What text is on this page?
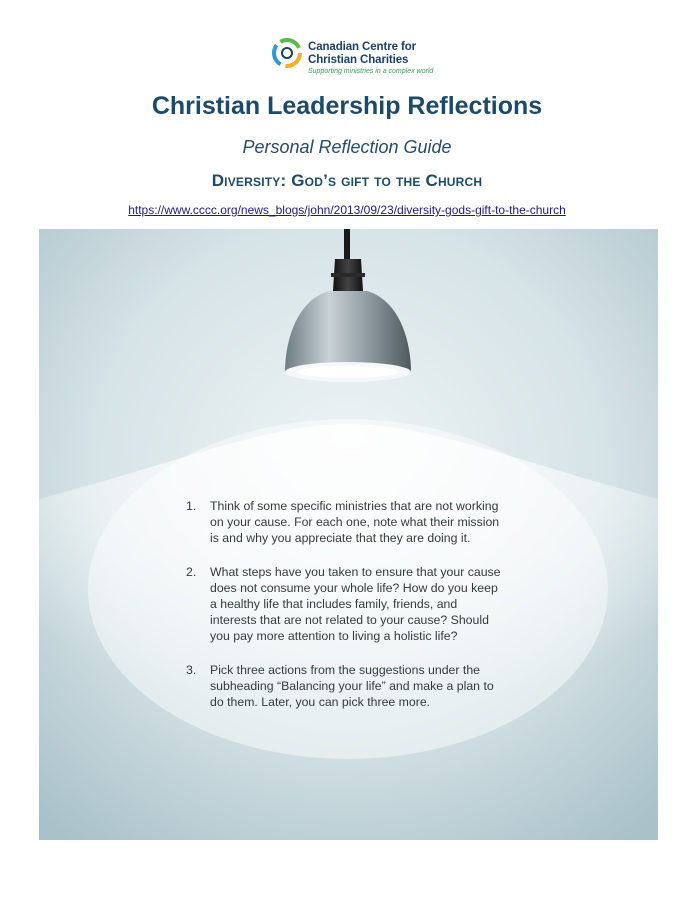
Canadian Centre for
Christian Charities
Supporting ministries in a complex world
Christian Leadership Reflections
Personal Reflection Guide
Diversity: God’s gift to the Church
https://www.cccc.org/news_blogs/john/2013/09/23/diversity-gods-gift-to-the-church
1. Think of some specific ministries that are not working on your cause. For each one, note what their mission is and why you appreciate that they are doing it.
2. What steps have you taken to ensure that your cause does not consume your whole life? How do you keep a healthy life that includes family, friends, and interests that are not related to your cause? Should you pay more attention to living a holistic life?
3. Pick three actions from the suggestions under the subheading “Balancing your life” and make a plan to do them. Later, you can pick three more.
